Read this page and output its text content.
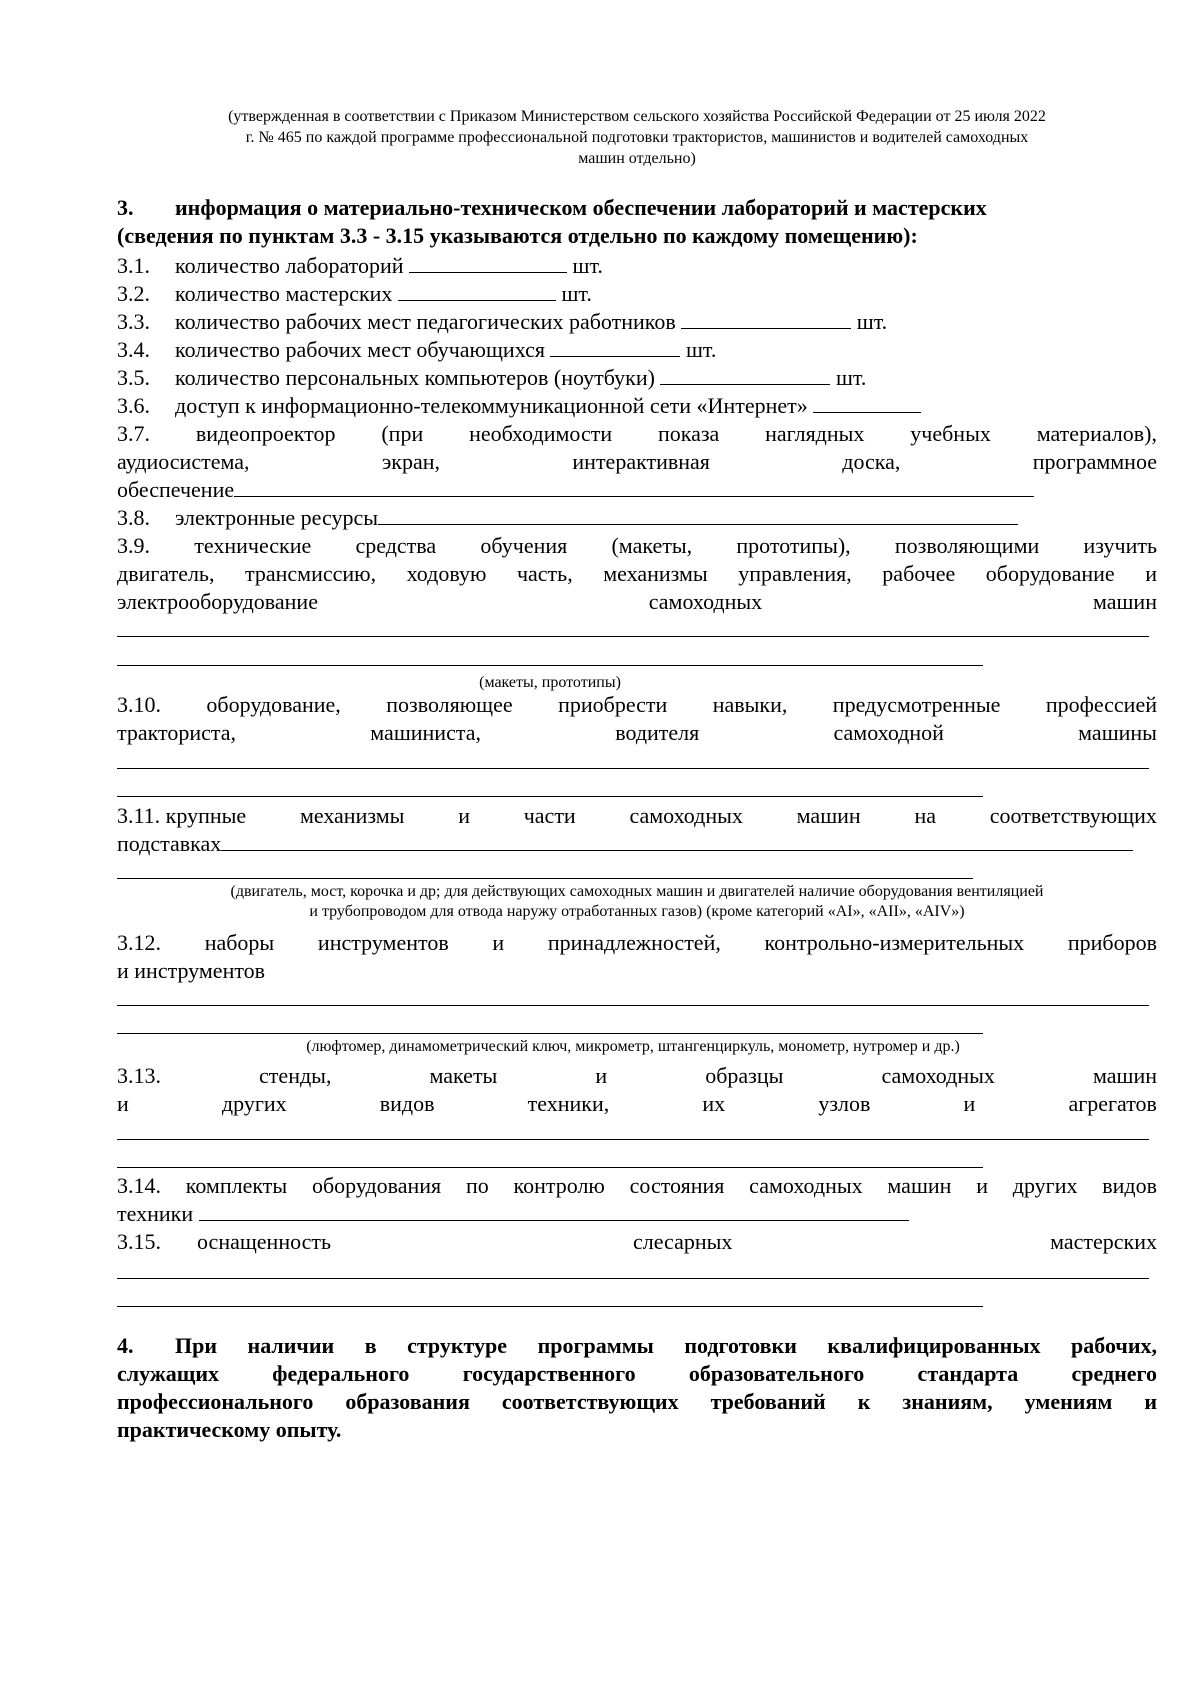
(утвержденная в соответствии с Приказом Министерством сельского хозяйства Российской Федерации от 25 июля 2022
г. № 465 по каждой программе профессиональной подготовки трактористов, машинистов и водителей самоходных
машин отдельно)
3. информация о материально-техническом обеспечении лабораторий и мастерских
(сведения по пунктам 3.3 - 3.15 указываются отдельно по каждому помещению):
3.1. количество лабораторий	шт.
3.2. количество мастерских	шт.
3.3. количество рабочих мест педагогических работников	шт.
3.4. количество рабочих мест обучающихся	шт.
3.5. количество персональных компьютеров (ноутбуки)	шт.
3.6. доступ к информационно-телекоммуникационной сети «Интернет»
3.7. видеопроектор (при необходимости показа наглядных учебных материалов),
аудиосистема,	экран,	интерактивная	доска,	программное
обеспечение
3.8. электронные ресурсы
3.9. технические средства обучения (макеты, прототипы), позволяющими изучить
двигатель, трансмиссию, ходовую часть, механизмы управления, рабочее оборудование и
электрооборудование	самоходных	машин
(макеты, прототипы)
3.10. оборудование, позволяющее приобрести навыки, предусмотренные профессией
тракториста,	машиниста,	водителя	самоходной	машины
3.11. крупные механизмы и части самоходных машин на соответствующих
подставках
(двигатель, мост, корочка и др; для действующих самоходных машин и двигателей наличие оборудования вентиляцией
и трубопроводом для отвода наружу отработанных газов) (кроме категорий «AI», «AII», «AIV»)
3.12. наборы инструментов и принадлежностей, контрольно-измерительных приборов
и инструментов
(люфтомер, динамометрический ключ, микрометр, штангенциркуль, монометр, нутромер и др.)
3.13.	стенды,	макеты	и	образцы	самоходных	машин
и	других	видов	техники,	их	узлов	и	агрегатов
3.14. комплекты оборудования по контролю состояния самоходных машин и других видов
техники
3.15. оснащенность	слесарных	мастерских
4. При наличии в структуре программы подготовки квалифицированных рабочих,
служащих федерального государственного образовательного стандарта среднего
профессионального образования соответствующих требований к знаниям, умениям и
практическому опыту.
